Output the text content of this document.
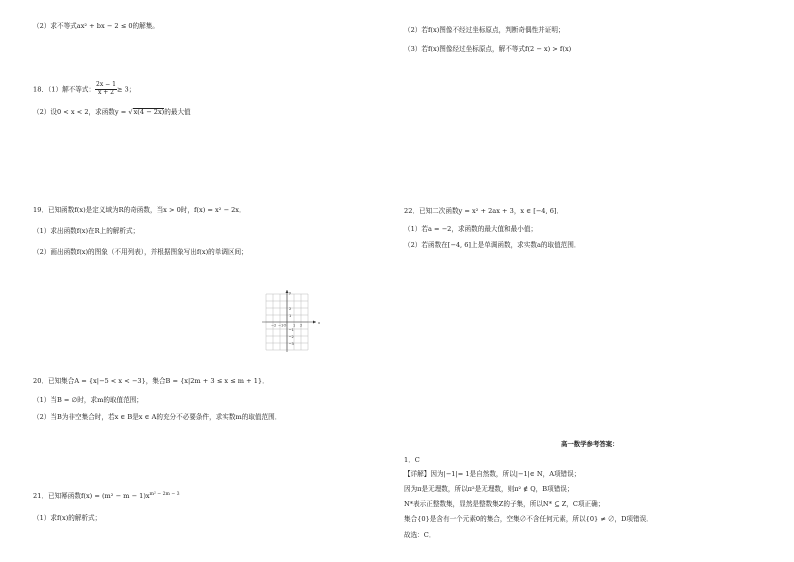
（2）求不等式ax² + bx − 2 ≤ 0的解集。
18．（1）解不等式： $\frac{2x - 1}{x + 2} \ge 3$；
（2）设0 < x < 2，求函数y = √x(4 − 2x)的最大值
19．已知函数f(x)是定义域为R的奇函数，当x > 0时，f(x) = x² − 2x．
（1）求出函数f(x)在R上的解析式；
（2）画出函数f(x)的图象（不用列表），并根据图象写出f(x)的单调区间；
x
y
O
−2 −1	1 2
2
1
−1
−2
−3
20．已知集合A = {x|−5 < x < −3}，集合B = {x|2m + 3 ≤ x ≤ m + 1}．
（1）当B = ∅时，求m的取值范围；
（2）当B为非空集合时，若x ∈ B是x ∈ A的充分不必要条件，求实数m的取值范围．
21．已知幂函数$f(x) = (m^2 - m - 1)x^{m^2 - 2m - 3}$
（1）求f(x)的解析式；
（2）若f(x)图像不经过坐标原点，判断奇偶性并证明；
（3）若f(x)图像经过坐标原点，解不等式f(2 − x) > f(x)
22．已知二次函数y = x² + 2ax + 3，x ∈ [−4, 6]．
（1）若a = −2，求函数的最大值和最小值；
（2）若函数在[−4, 6]上是单调函数，求实数a的取值范围．
高一数学参考答案：
1．C
【详解】因为|−1|= 1是自然数，所以|−1|∈ N，A项错误；
因为π是无理数，所以π²是无理数，则π² ∉ Q，B项错误；
N*表示正整数集，显然是整数集Z的子集，所以N* ⊆ Z，C项正确；
集合{0}是含有一个元素0的集合，空集∅不含任何元素，所以{0} ≠ ∅，D项错误．
故选：C．
